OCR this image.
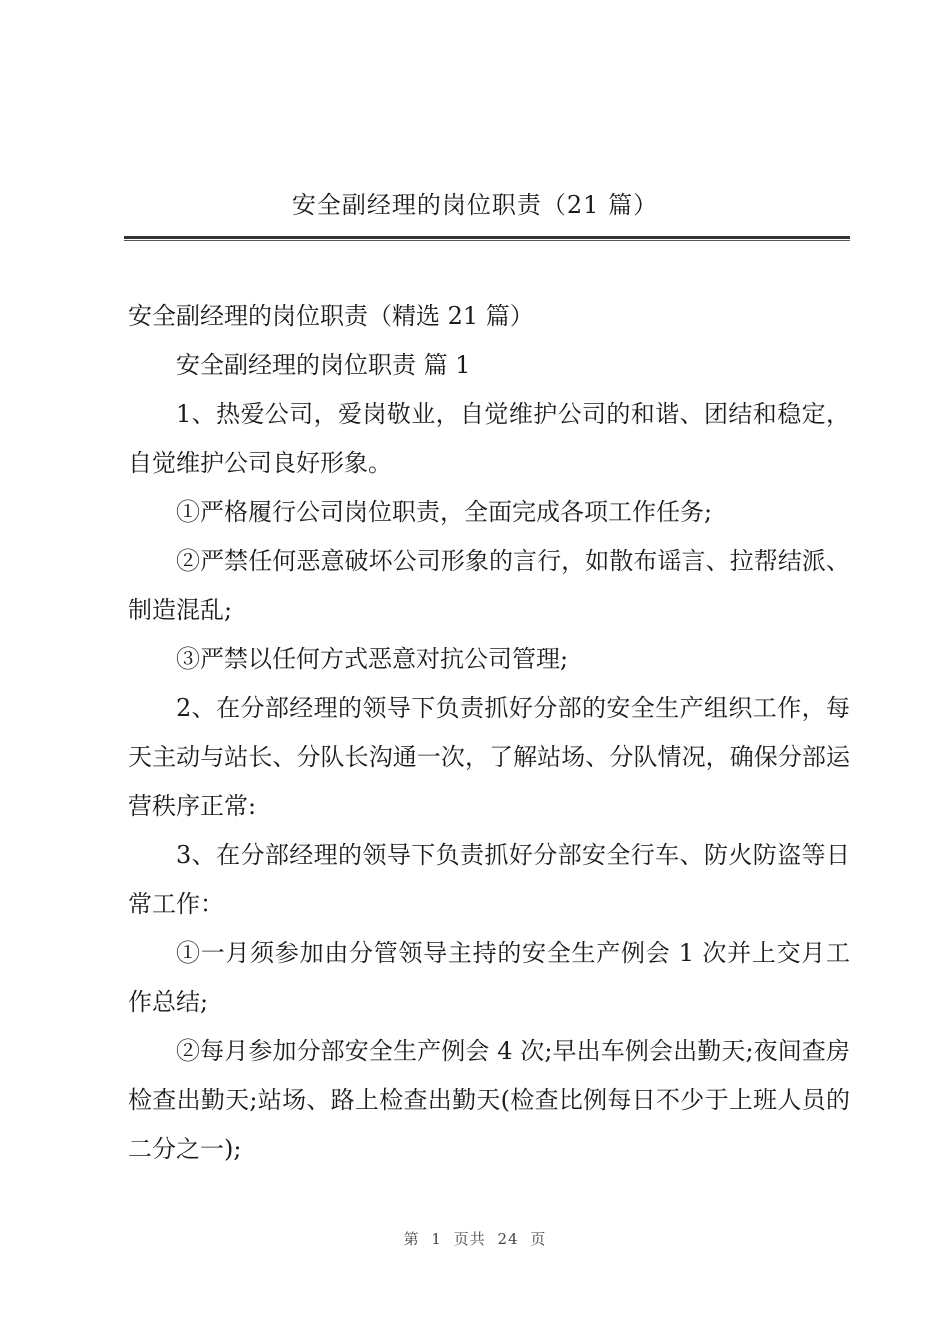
安全副经理的岗位职责（21 篇）

安全副经理的岗位职责（精选 21 篇）

安全副经理的岗位职责 篇 1

1、热爱公司，爱岗敬业，自觉维护公司的和谐、团结和稳定，自觉维护公司良好形象。

①严格履行公司岗位职责，全面完成各项工作任务;

②严禁任何恶意破坏公司形象的言行，如散布谣言、拉帮结派、制造混乱;

③严禁以任何方式恶意对抗公司管理;

2、在分部经理的领导下负责抓好分部的安全生产组织工作，每天主动与站长、分队长沟通一次，了解站场、分队情况，确保分部运营秩序正常:

3、在分部经理的领导下负责抓好分部安全行车、防火防盗等日常工作：

①一月须参加由分管领导主持的安全生产例会 1 次并上交月工作总结;

②每月参加分部安全生产例会 4 次;早出车例会出勤天;夜间查房检查出勤天;站场、路上检查出勤天(检查比例每日不少于上班人员的二分之一);

第 1 页共 24 页
